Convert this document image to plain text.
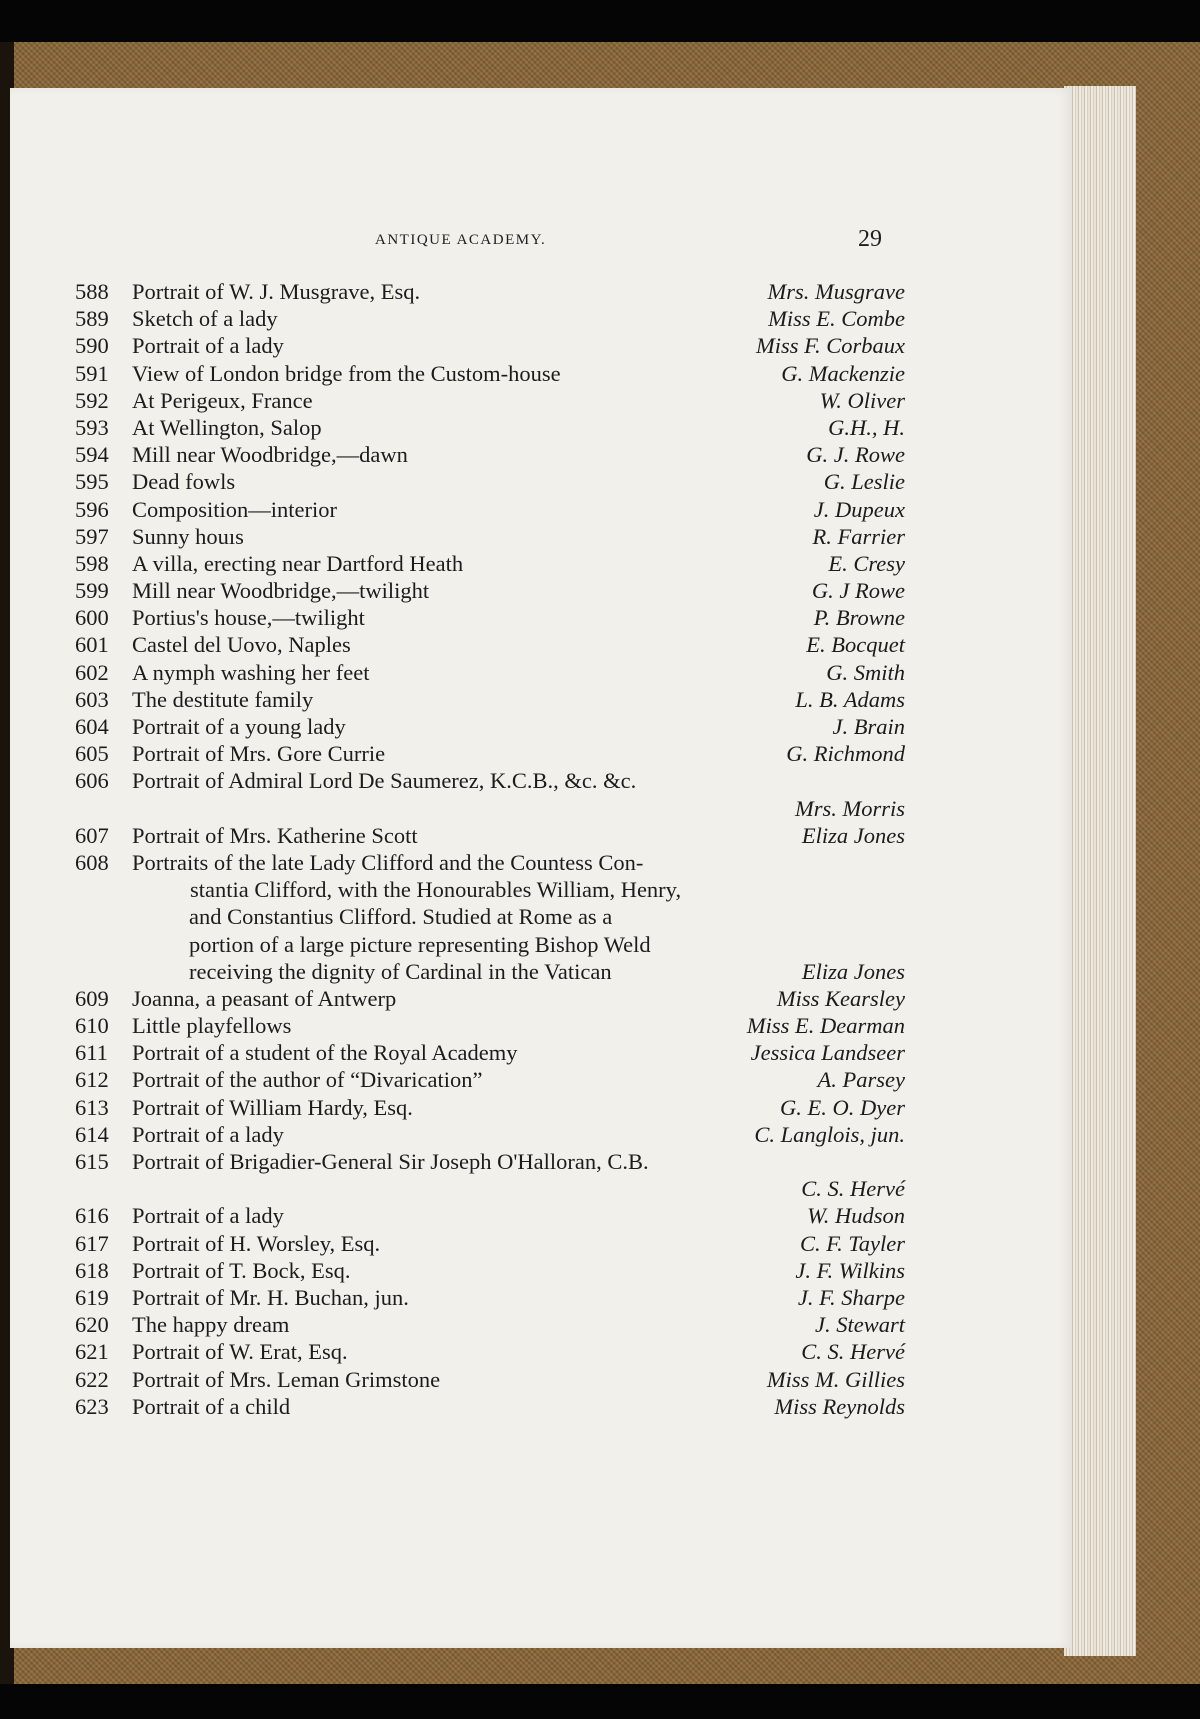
ANTIQUE ACADEMY.	29
588	Portrait of W. J. Musgrave, Esq.	Mrs. Musgrave
589	Sketch of a lady	Miss E. Combe
590	Portrait of a lady	Miss F. Corbaux
591	View of London bridge from the Custom-house	G. Mackenzie
592	At Perigeux, France	W. Oliver
593	At Wellington, Salop	G.H., H.
594	Mill near Woodbridge,—dawn	G. J. Rowe
595	Dead fowls	G. Leslie
596	Composition—interior	J. Dupeux
597	Sunny houıs	R. Farrier
598	A villa, erecting near Dartford Heath	E. Cresy
599	Mill near Woodbridge,—twilight	G. J Rowe
600	Portius's house,—twilight	P. Browne
601	Castel del Uovo, Naples	E. Bocquet
602	A nymph washing her feet	G. Smith
603	The destitute family	L. B. Adams
604	Portrait of a young lady	J. Brain
605	Portrait of Mrs. Gore Currie	G. Richmond
606	Portrait of Admiral Lord De Saumerez, K.C.B., &c. &c.
Mrs. Morris
607	Portrait of Mrs. Katherine Scott	Eliza Jones
608	Portraits of the late Lady Clifford and the Countess Con-
stantia Clifford, with the Honourables William, Henry,
and Constantius Clifford. Studied at Rome as a
portion of a large picture representing Bishop Weld
receiving the dignity of Cardinal in the Vatican	Eliza Jones
609	Joanna, a peasant of Antwerp	Miss Kearsley
610	Little playfellows	Miss E. Dearman
611	Portrait of a student of the Royal Academy	Jessica Landseer
612	Portrait of the author of “Divarication”	A. Parsey
613	Portrait of William Hardy, Esq.	G. E. O. Dyer
614	Portrait of a lady	C. Langlois, jun.
615	Portrait of Brigadier-General Sir Joseph O'Halloran, C.B.
C. S. Hervé
616	Portrait of a lady	W. Hudson
617	Portrait of H. Worsley, Esq.	C. F. Tayler
618	Portrait of T. Bock, Esq.	J. F. Wilkins
619	Portrait of Mr. H. Buchan, jun.	J. F. Sharpe
620	The happy dream	J. Stewart
621	Portrait of W. Erat, Esq.	C. S. Hervé
622	Portrait of Mrs. Leman Grimstone	Miss M. Gillies
623	Portrait of a child	Miss Reynolds
